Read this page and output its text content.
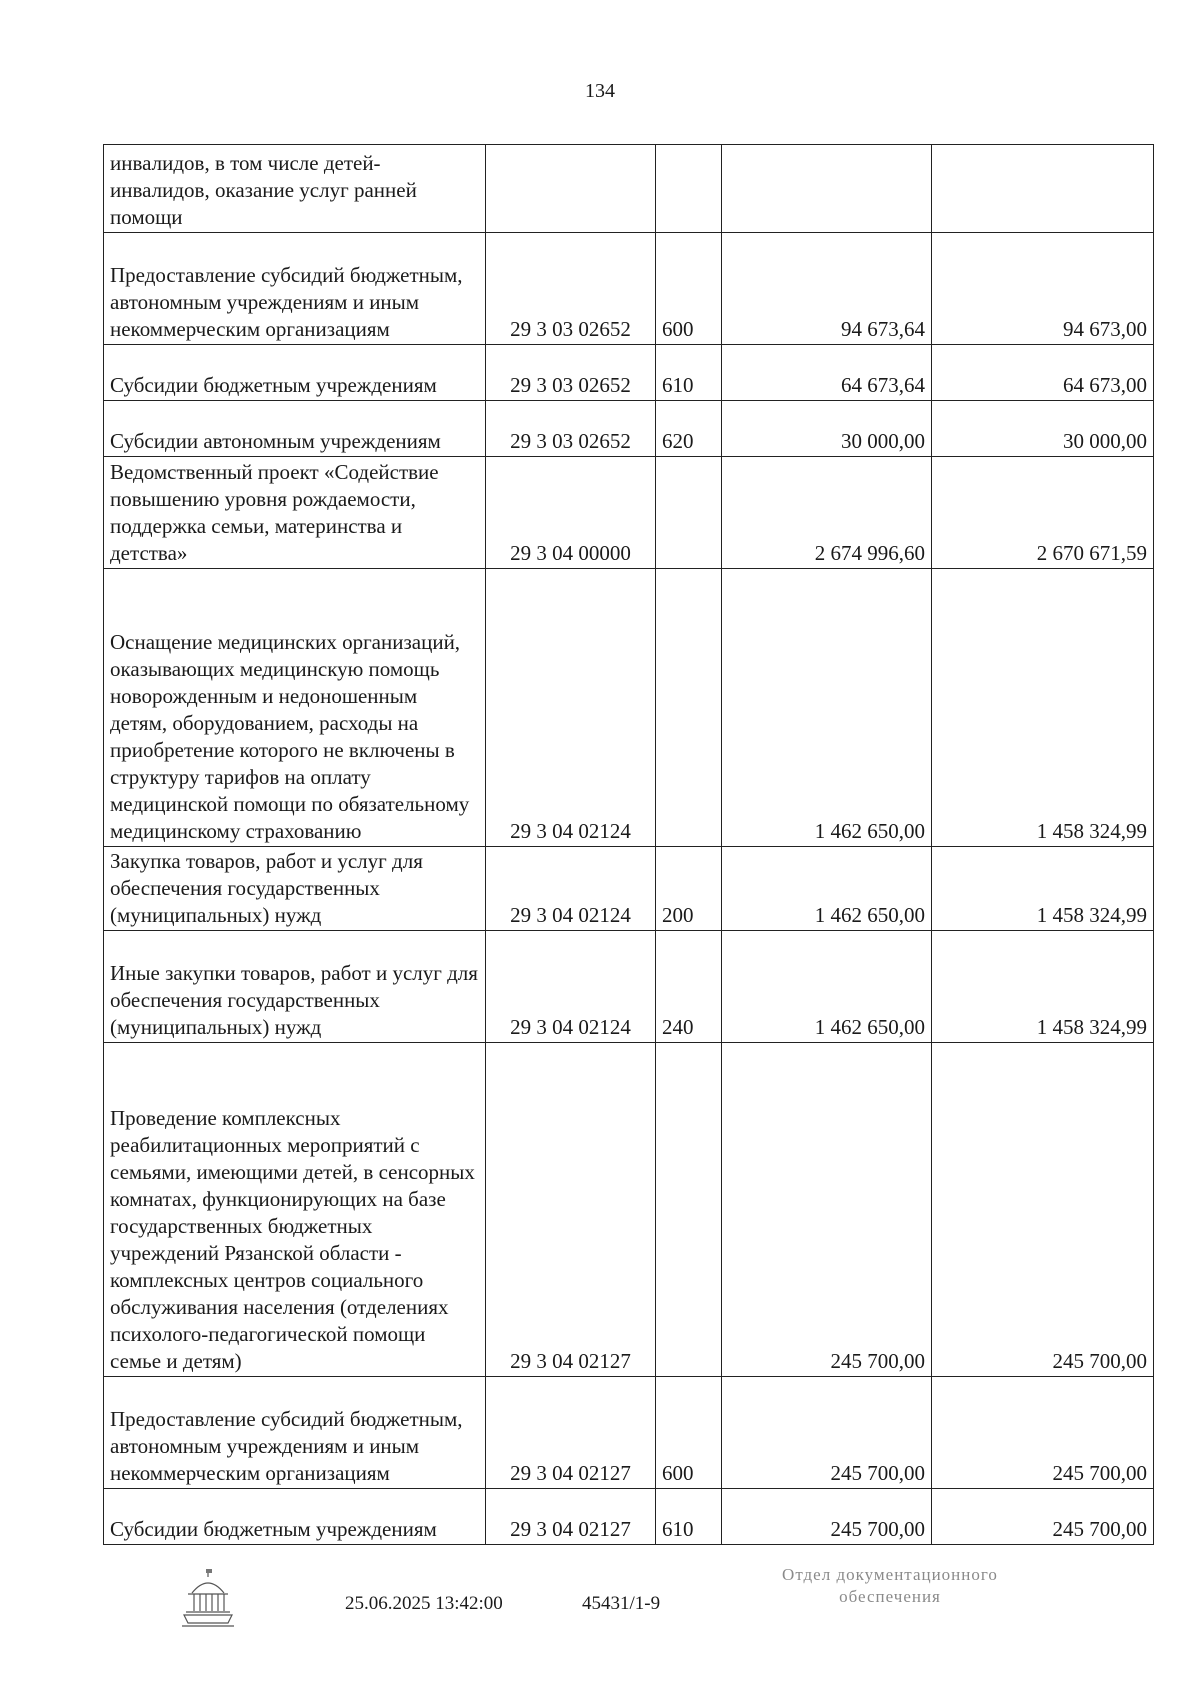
134
инвалидов, в том числе детей-инвалидов, оказание услуг ранней помощи				
Предоставление субсидий бюджетным, автономным учреждениям и иным некоммерческим организациям	29 3 03 02652	600	94 673,64	94 673,00
Субсидии бюджетным учреждениям	29 3 03 02652	610	64 673,64	64 673,00
Субсидии автономным учреждениям	29 3 03 02652	620	30 000,00	30 000,00
Ведомственный проект «Содействие повышению уровня рождаемости, поддержка семьи, материнства и детства»	29 3 04 00000		2 674 996,60	2 670 671,59
Оснащение медицинских организаций, оказывающих медицинскую помощь новорожденным и недоношенным детям, оборудованием, расходы на приобретение которого не включены в структуру тарифов на оплату медицинской помощи по обязательному медицинскому страхованию	29 3 04 02124		1 462 650,00	1 458 324,99
Закупка товаров, работ и услуг для обеспечения государственных (муниципальных) нужд	29 3 04 02124	200	1 462 650,00	1 458 324,99
Иные закупки товаров, работ и услуг для обеспечения государственных (муниципальных) нужд	29 3 04 02124	240	1 462 650,00	1 458 324,99
Проведение комплексных реабилитационных мероприятий с семьями, имеющими детей, в сенсорных комнатах, функционирующих на базе государственных бюджетных учреждений Рязанской области - комплексных центров социального обслуживания населения (отделениях психолого-педагогической помощи семье и детям)	29 3 04 02127		245 700,00	245 700,00
Предоставление субсидий бюджетным, автономным учреждениям и иным некоммерческим организациям	29 3 04 02127	600	245 700,00	245 700,00
Субсидии бюджетным учреждениям	29 3 04 02127	610	245 700,00	245 700,00
25.06.2025 13:42:00	45431/1-9
Отдел документационного
обеспечения
